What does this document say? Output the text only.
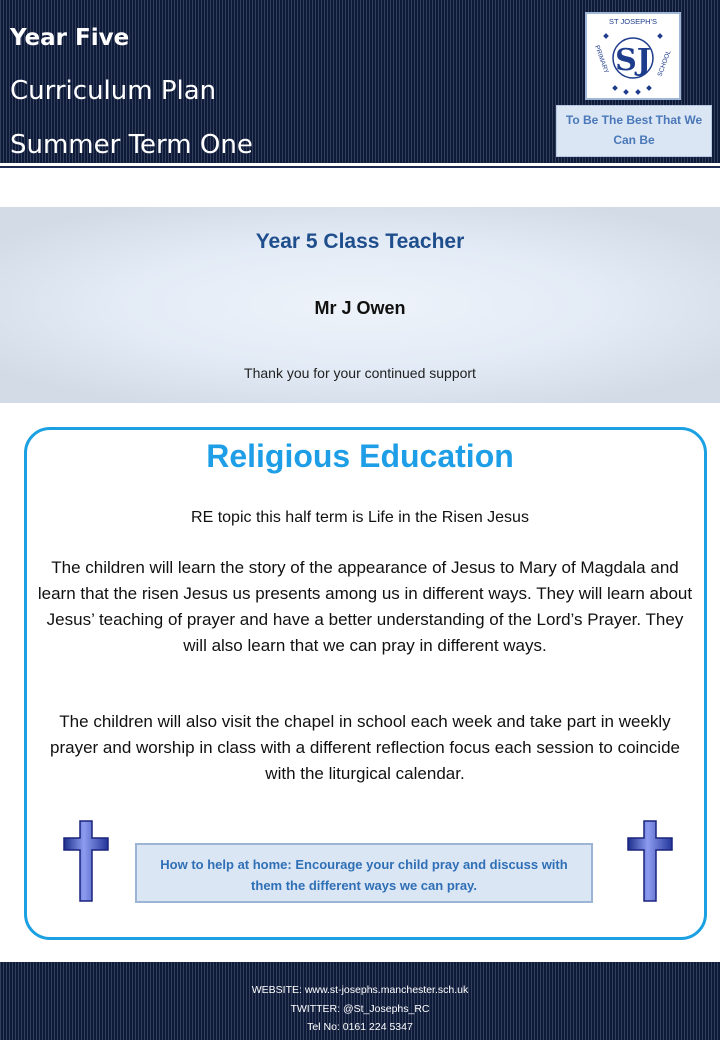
Year Five
Curriculum Plan
Summer Term One
ST JOSEPH'S
PRIMARY	SCHOOL
SJ
To Be The Best That We Can Be
Year 5 Class Teacher
Mr J Owen
Thank you for your continued support
Religious Education
RE topic this half term is Life in the Risen Jesus
The children will learn the story of the appearance of Jesus to Mary of Magdala and learn that the risen Jesus us presents among us in different ways. They will learn about Jesus’ teaching of prayer and have a better understanding of the Lord’s Prayer. They will also learn that we can pray in different ways.
The children will also visit the chapel in school each week and take part in weekly prayer and worship in class with a different reflection focus each session to coincide with the liturgical calendar.
How to help at home: Encourage your child pray and discuss with them the different ways we can pray.
WEBSITE: www.st-josephs.manchester.sch.uk
TWITTER: @St_Josephs_RC
Tel No: 0161 224 5347
